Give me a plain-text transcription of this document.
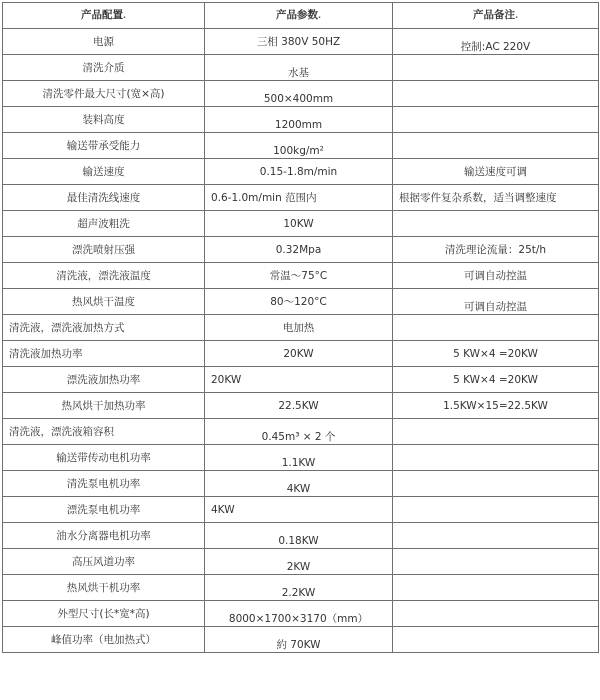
产品配置.	产品参数.	产品备注.

电源	三相 380V 50HZ	控制:AC 220V

清洗介质	水基	

清洗零件最大尺寸(宽×高)	500×400mm	

装料高度	1200mm	

输送带承受能力	100kg/m²	

输送速度	0.15-1.8m/min	输送速度可调

最佳清洗线速度	0.6-1.0m/min 范围内	根据零件复杂系数，适当调整速度

超声波粗洗	10KW	

漂洗喷射压强	0.32Mpa	清洗理论流量：25t/h

清洗液，漂洗液温度	常温～75°C	可调自动控温

热风烘干温度	80～120°C	可调自动控温

清洗液，漂洗液加热方式	电加热	

清洗液加热功率	20KW	5 KW×4 =20KW

漂洗液加热功率	20KW	5 KW×4 =20KW

热风烘干加热功率	22.5KW	1.5KW×15=22.5KW

清洗液，漂洗液箱容积	0.45m³ × 2 个	

输送带传动电机功率	1.1KW	

清洗泵电机功率	4KW	

漂洗泵电机功率	4KW	

油水分离器电机功率	0.18KW	

高压风道功率	2KW	

热风烘干机功率	2.2KW	

外型尺寸(长*宽*高)	8000×1700×3170（mm）	

峰值功率（电加热式）	約 70KW	
